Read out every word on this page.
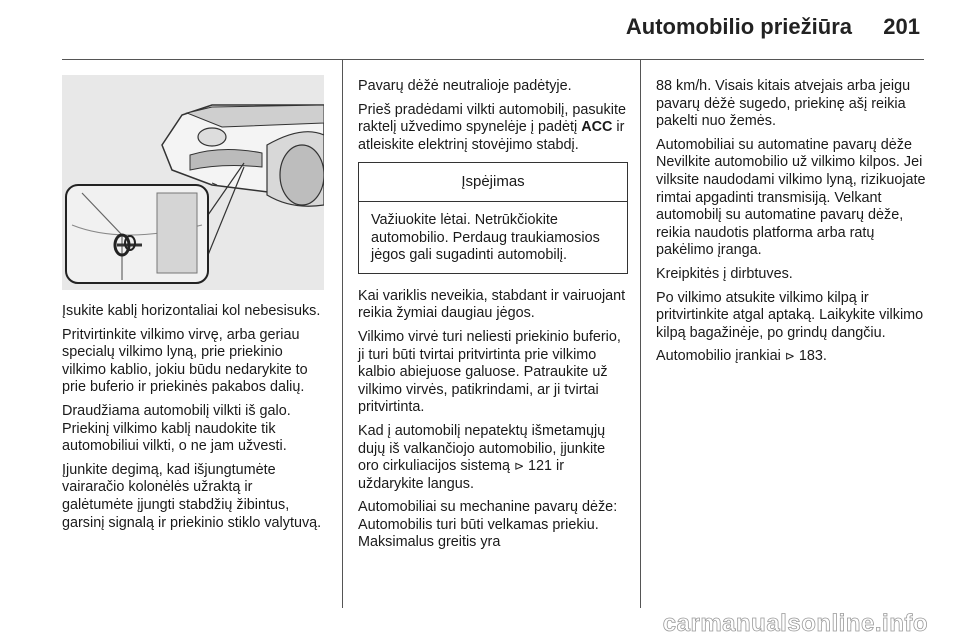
Automobilio priežiūra 201

Įsukite kablį horizontaliai kol nebesisuks.

Pritvirtinkite vilkimo virvę, arba geriau specialų vilkimo lyną, prie priekinio vilkimo kablio, jokiu būdu nedarykite to prie buferio ir priekinės pakabos dalių.

Draudžiama automobilį vilkti iš galo. Priekinį vilkimo kablį naudokite tik automobiliui vilkti, o ne jam užvesti.

Įjunkite degimą, kad išjungtumėte vairaračio kolonėlės užraktą ir galėtumėte įjungti stabdžių žibintus, garsinį signalą ir priekinio stiklo valytuvą.

Pavarų dėžė neutralioje padėtyje.

Prieš pradėdami vilkti automobilį, pasukite raktelį užvedimo spynelėje į padėtį ACC ir atleiskite elektrinį stovėjimo stabdį.

Įspėjimas
Važiuokite lėtai. Netrūkčiokite automobilio. Perdaug traukiamosios jėgos gali sugadinti automobilį.

Kai variklis neveikia, stabdant ir vairuojant reikia žymiai daugiau jėgos.

Vilkimo virvė turi neliesti priekinio buferio, ji turi būti tvirtai pritvirtinta prie vilkimo kalbio abiejuose galuose. Patraukite už vilkimo virvės, patikrindami, ar ji tvirtai pritvirtinta.

Kad į automobilį nepatektų išmetamųjų dujų iš valkančiojo automobilio, įjunkite oro cirkuliacijos sistemą ⊳ 121 ir uždarykite langus.

Automobiliai su mechanine pavarų dėže: Automobilis turi būti velkamas priekiu. Maksimalus greitis yra

88 km/h. Visais kitais atvejais arba jeigu pavarų dėžė sugedo, priekinę ašį reikia pakelti nuo žemės.

Automobiliai su automatine pavarų dėže Nevilkite automobilio už vilkimo kilpos. Jei vilksite naudodami vilkimo lyną, rizikuojate rimtai apgadinti transmisiją. Velkant automobilį su automatine pavarų dėže, reikia naudotis platforma arba ratų pakėlimo įranga.

Kreipkitės į dirbtuves.

Po vilkimo atsukite vilkimo kilpą ir pritvirtinkite atgal aptaką. Laikykite vilkimo kilpą bagažinėje, po grindų dangčiu.

Automobilio įrankiai ⊳ 183.

carmanualsonline.info
